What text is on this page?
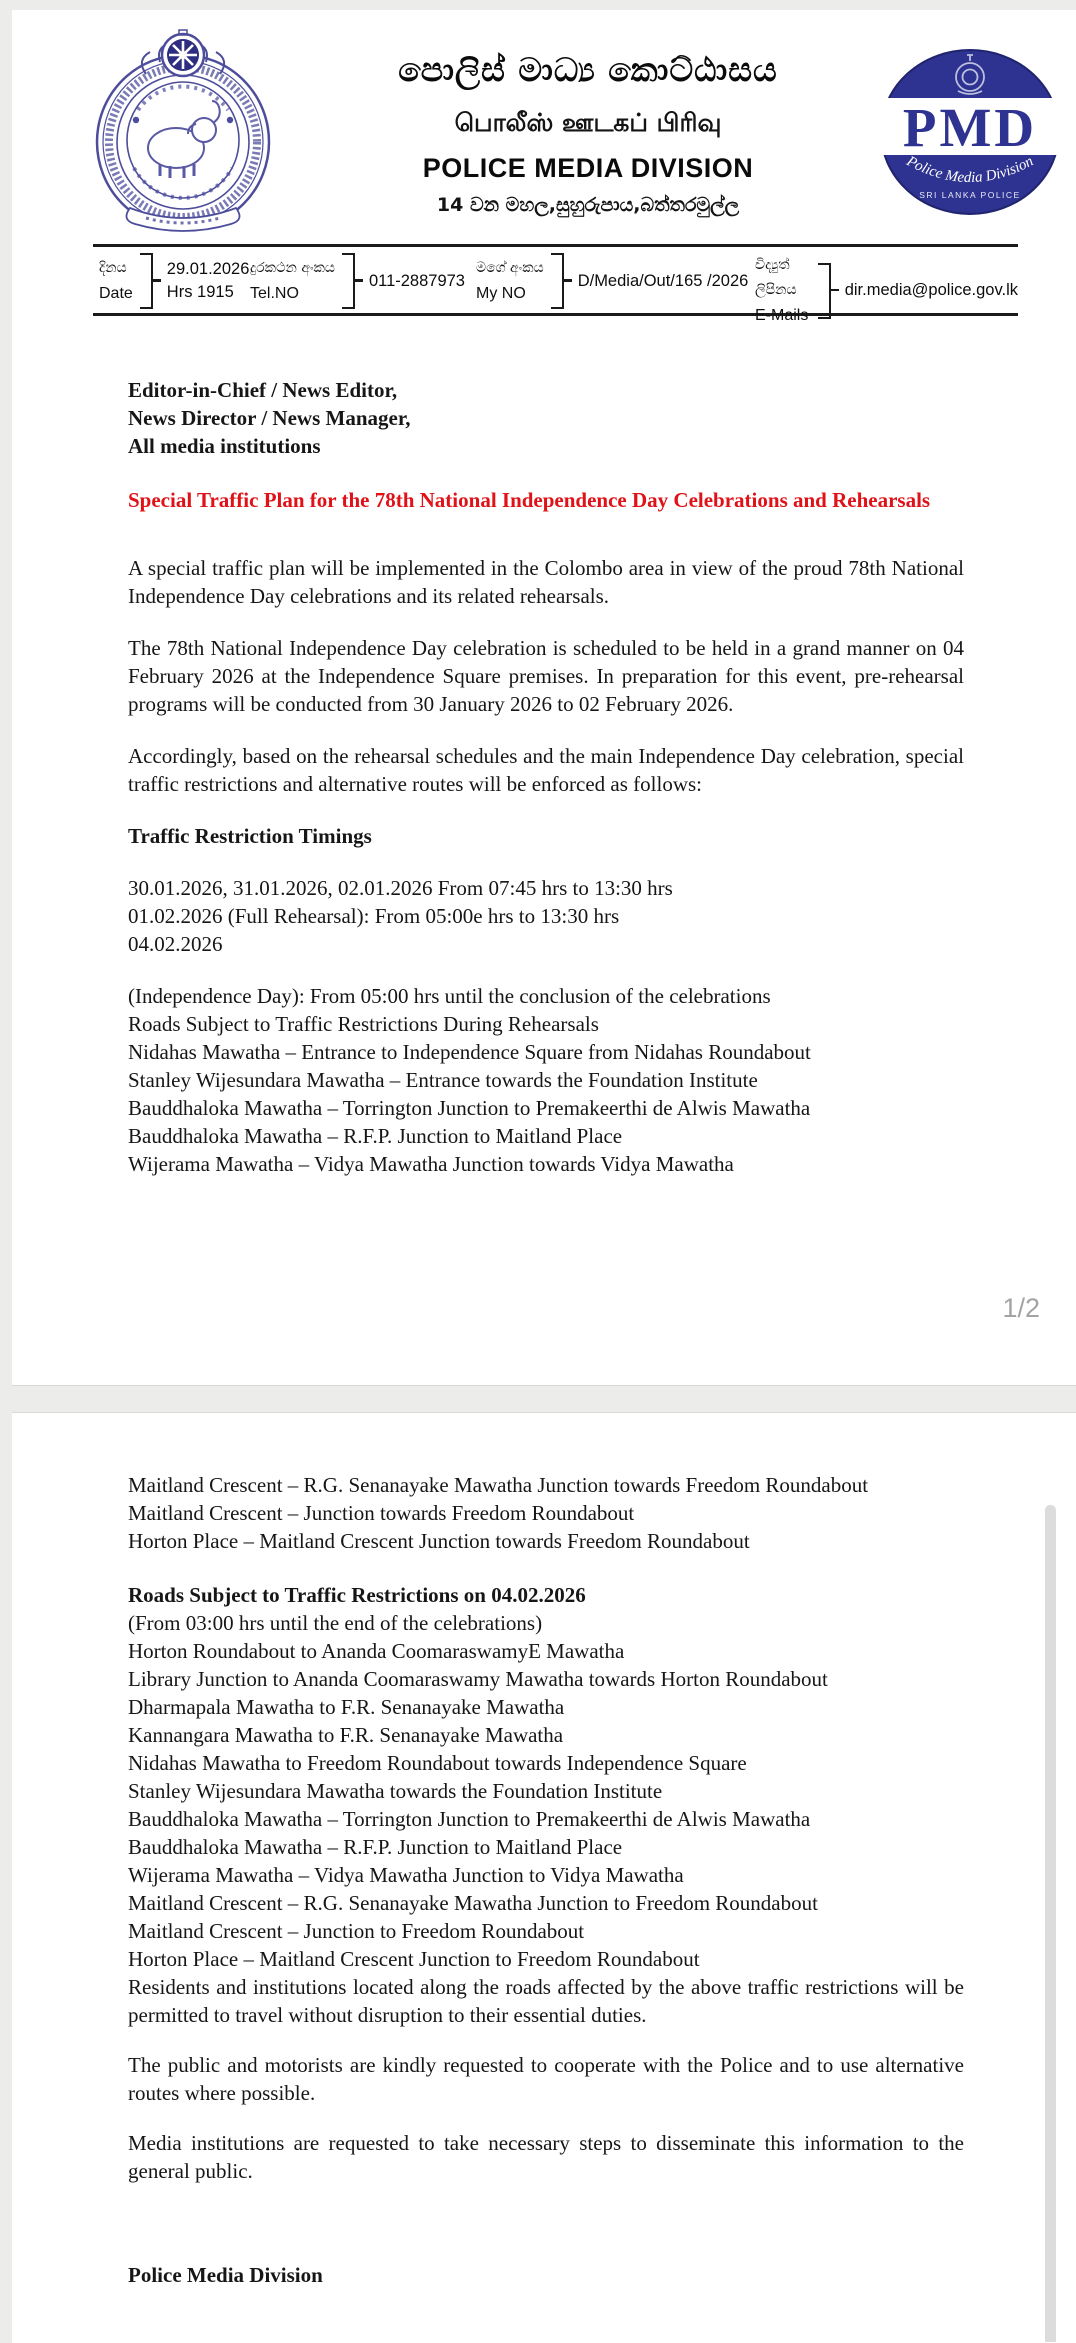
පොලිස් මාධ්‍ය කොට්ඨාසය
பொலீஸ் ஊடகப் பிரிவு
POLICE MEDIA DIVISION
14 වන මහල,සුහුරුපාය,බත්තරමුල්ල
PMD
Police Media Division
SRI LANKA POLICE
දිනය
Date
29.01.2026
Hrs 1915
දුරකථන අංකය
Tel.NO
011-2887973
මගේ අංකය
My NO
D/Media/Out/165 /2026
විද්‍යුත් ලිපිනය
E-Mails
dir.media@police.gov.lk
Editor-in-Chief / News Editor,
News Director / News Manager,
All media institutions
Special Traffic Plan for the 78th National Independence Day Celebrations and Rehearsals
A special traffic plan will be implemented in the Colombo area in view of the proud 78th National Independence Day celebrations and its related rehearsals.
The 78th National Independence Day celebration is scheduled to be held in a grand manner on 04 February 2026 at the Independence Square premises. In preparation for this event, pre-rehearsal programs will be conducted from 30 January 2026 to 02 February 2026.
Accordingly, based on the rehearsal schedules and the main Independence Day celebration, special traffic restrictions and alternative routes will be enforced as follows:
Traffic Restriction Timings
30.01.2026, 31.01.2026, 02.01.2026 From 07:45 hrs to 13:30 hrs
01.02.2026 (Full Rehearsal): From 05:00e hrs to 13:30 hrs
04.02.2026
(Independence Day): From 05:00 hrs until the conclusion of the celebrations
Roads Subject to Traffic Restrictions During Rehearsals
Nidahas Mawatha – Entrance to Independence Square from Nidahas Roundabout
Stanley Wijesundara Mawatha – Entrance towards the Foundation Institute
Bauddhaloka Mawatha – Torrington Junction to Premakeerthi de Alwis Mawatha
Bauddhaloka Mawatha – R.F.P. Junction to Maitland Place
Wijerama Mawatha – Vidya Mawatha Junction towards Vidya Mawatha
1/2
Maitland Crescent – R.G. Senanayake Mawatha Junction towards Freedom Roundabout
Maitland Crescent – Junction towards Freedom Roundabout
Horton Place – Maitland Crescent Junction towards Freedom Roundabout
Roads Subject to Traffic Restrictions on 04.02.2026
(From 03:00 hrs until the end of the celebrations)
Horton Roundabout to Ananda CoomaraswamyE Mawatha
Library Junction to Ananda Coomaraswamy Mawatha towards Horton Roundabout
Dharmapala Mawatha to F.R. Senanayake Mawatha
Kannangara Mawatha to F.R. Senanayake Mawatha
Nidahas Mawatha to Freedom Roundabout towards Independence Square
Stanley Wijesundara Mawatha towards the Foundation Institute
Bauddhaloka Mawatha – Torrington Junction to Premakeerthi de Alwis Mawatha
Bauddhaloka Mawatha – R.F.P. Junction to Maitland Place
Wijerama Mawatha – Vidya Mawatha Junction to Vidya Mawatha
Maitland Crescent – R.G. Senanayake Mawatha Junction to Freedom Roundabout
Maitland Crescent – Junction to Freedom Roundabout
Horton Place – Maitland Crescent Junction to Freedom Roundabout
Residents and institutions located along the roads affected by the above traffic restrictions will be permitted to travel without disruption to their essential duties.
The public and motorists are kindly requested to cooperate with the Police and to use alternative routes where possible.
Media institutions are requested to take necessary steps to disseminate this information to the general public.
Police Media Division
